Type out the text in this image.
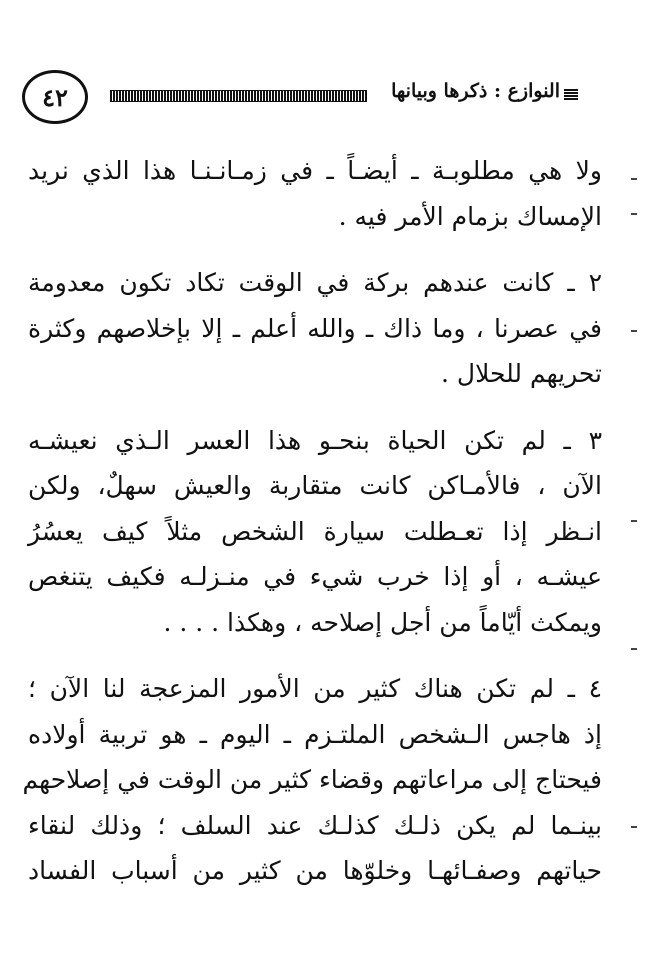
٤٢	النوازع : ذكرها وبيانها

ولا هي مطلوبـة ـ أيضـاً ـ في زمـانـنـا هذا الذي نريد
الإمساك بزمام الأمر فيه .

٢ ـ كانت عندهم بركة في الوقت تكاد تكون معدومة
في عصرنا ، وما ذاك ـ والله أعلم ـ إلا بإخلاصهم وكثرة
تحريهم للحلال .

٣ ـ لم تكن الحياة بنحـو هذا العسر الـذي نعيشـه
الآن ، فالأمـاكن كانت متقاربة والعيش سهلٌ، ولكن
انـظر إذا تعـطلت سيارة الشخص مثلاً كيف يعسُرُ
عيشـه ، أو إذا خرب شيء في منـزلـه فكيف يتنغص
ويمكث أيّاماً من أجل إصلاحه ، وهكذا . . . .

٤ ـ لم تكن هناك كثير من الأمور المزعجة لنا الآن ؛
إذ هاجس الـشخص الملتـزم ـ اليوم ـ هو تربية أولاده
فيحتاج إلى مراعاتهم وقضاء كثير من الوقت في إصلاحهم
بينـما لم يكن ذلـك كذلـك عند السلف ؛ وذلك لنقاء
حياتهم وصفـائهـا وخلوّها من كثير من أسباب الفساد
